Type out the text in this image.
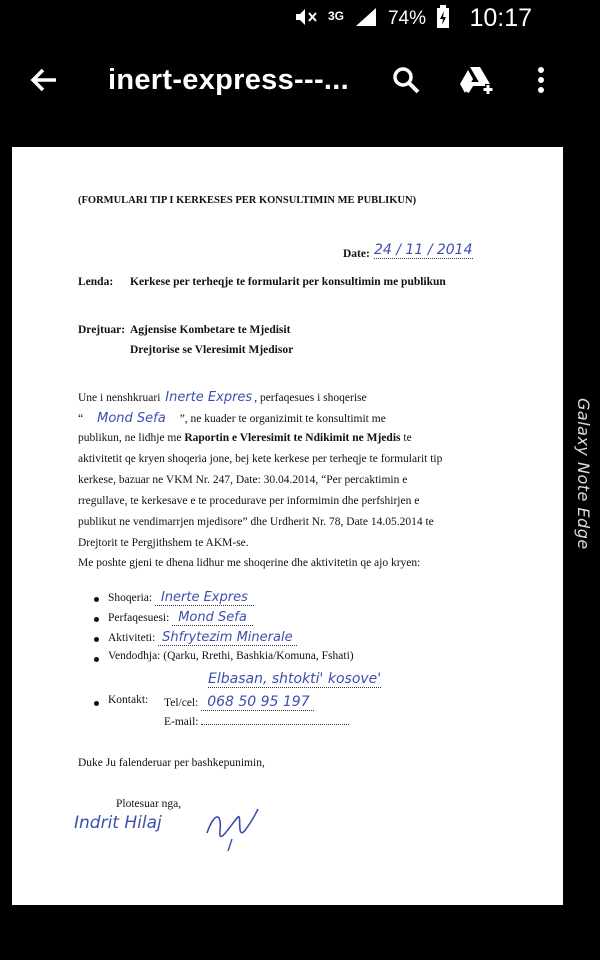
3G 74% 10:17
inert-express---...
(FORMULARI TIP I KERKESES PER KONSULTIMIN ME PUBLIKUN)
Date: 24 / 11 / 2014
Lenda: Kerkese per terheqje te formularit per konsultimin me publikun
Drejtuar: Agjensise Kombetare te Mjedisit
Drejtorise se Vleresimit Mjedisor
Une i nenshkruari Inerte Expres , perfaqesues i shoqerise
“ Mond Sefa ”, ne kuader te organizimit te konsultimit me
publikun, ne lidhje me Raportin e Vleresimit te Ndikimit ne Mjedis te
aktivitetit qe kryen shoqeria jone, bej kete kerkese per terheqje te formularit tip
kerkese, bazuar ne VKM Nr. 247, Date: 30.04.2014, “Per percaktimin e
rregullave, te kerkesave e te procedurave per informimin dhe perfshirjen e
publikut ne vendimarrjen mjedisore” dhe Urdherit Nr. 78, Date 14.05.2014 te
Drejtorit te Pergjithshem te AKM-se.
Me poshte gjeni te dhena lidhur me shoqerine dhe aktivitetin qe ajo kryen:
Shoqeria: Inerte Expres
Perfaqesuesi: Mond Sefa
Aktiviteti: Shfrytezim Minerale
Vendodhja: (Qarku, Rrethi, Bashkia/Komuna, Fshati)
Elbasan, shtokti' kosove'
Kontakt: Tel/cel: 068 50 95 197
E-mail:
Duke Ju falenderuar per bashkepunimin,
Plotesuar nga,
Indrit Hilaj
Galaxy Note Edge
